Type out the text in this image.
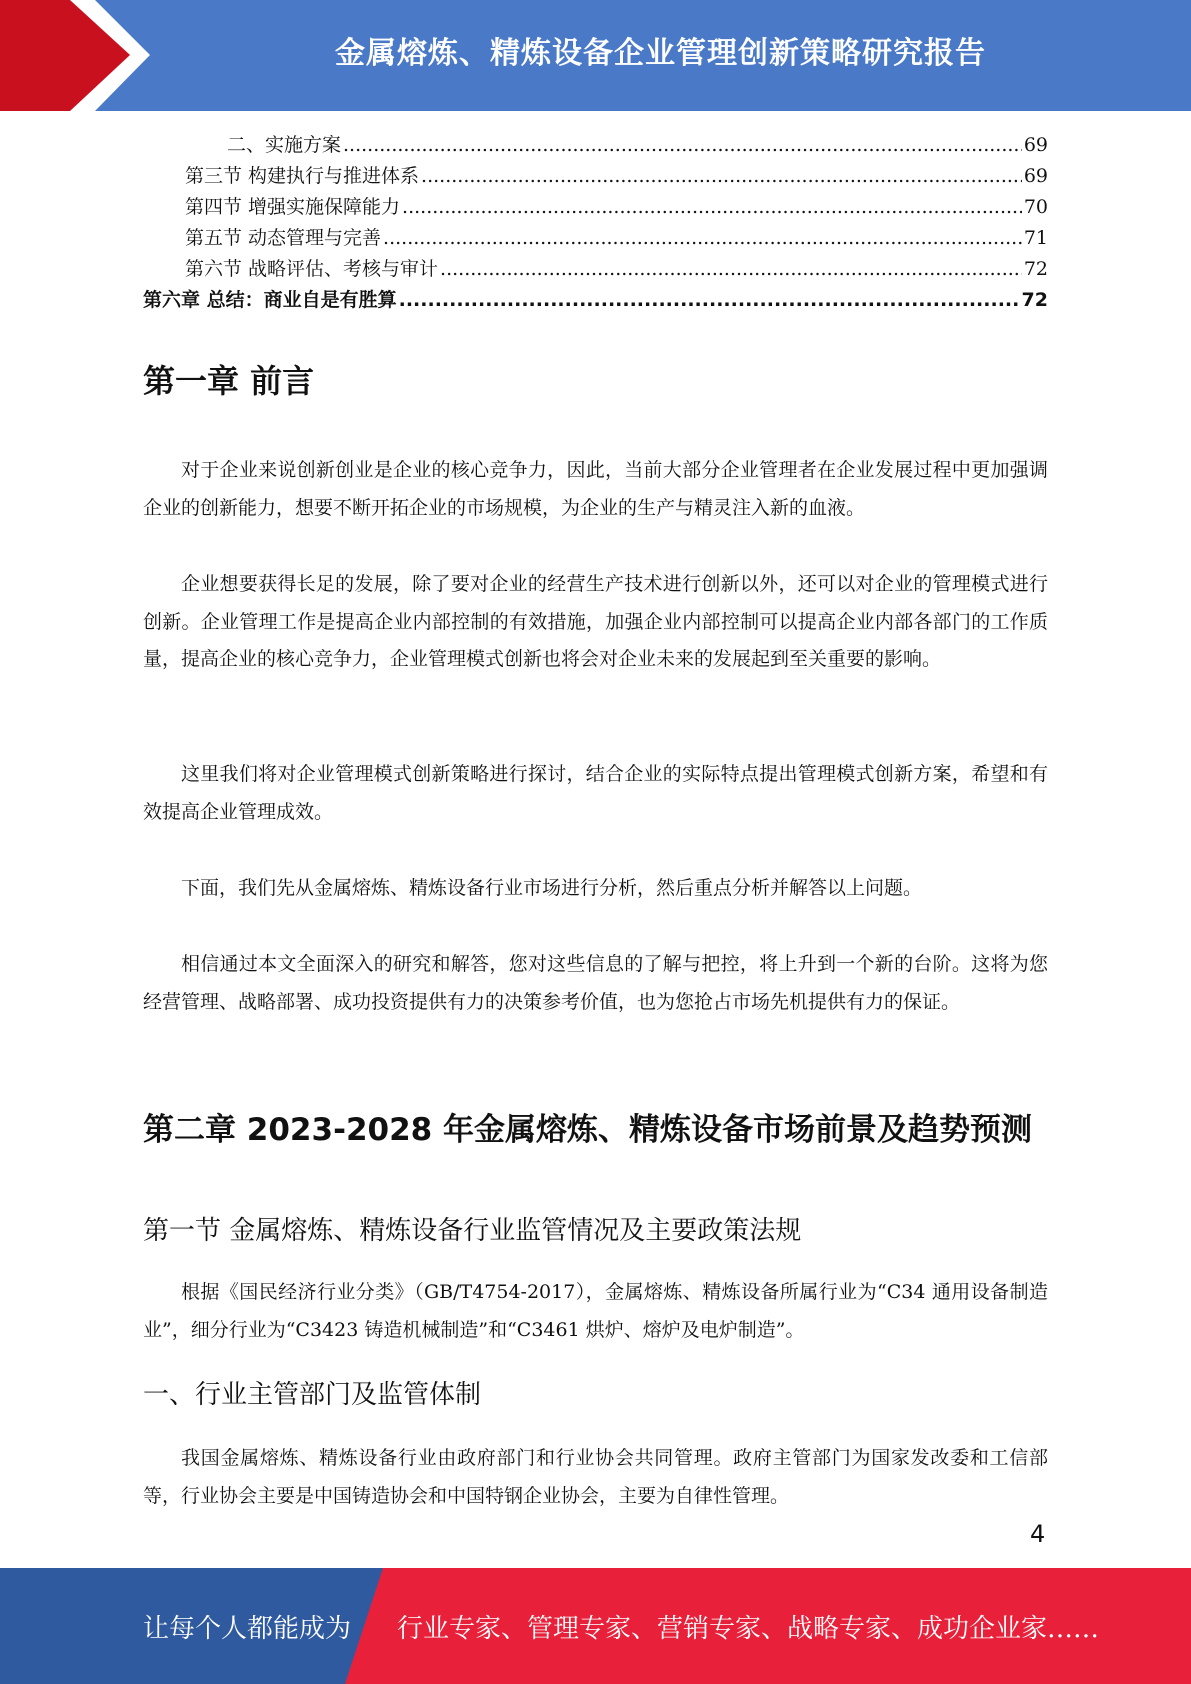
金属熔炼、精炼设备企业管理创新策略研究报告
二、实施方案 .....	69
第三节 构建执行与推进体系 .....	69
第四节 增强实施保障能力 .....	70
第五节 动态管理与完善 .....	71
第六节 战略评估、考核与审计 .....	72
第六章 总结：商业自是有胜算 .....	72
第一章 前言

对于企业来说创新创业是企业的核心竞争力，因此，当前大部分企业管理者在企业发展过程中更加强调企业的创新能力，想要不断开拓企业的市场规模，为企业的生产与精灵注入新的血液。

企业想要获得长足的发展，除了要对企业的经营生产技术进行创新以外，还可以对企业的管理模式进行创新。企业管理工作是提高企业内部控制的有效措施，加强企业内部控制可以提高企业内部各部门的工作质量，提高企业的核心竞争力，企业管理模式创新也将会对企业未来的发展起到至关重要的影响。

这里我们将对企业管理模式创新策略进行探讨，结合企业的实际特点提出管理模式创新方案，希望和有效提高企业管理成效。

下面，我们先从金属熔炼、精炼设备行业市场进行分析，然后重点分析并解答以上问题。

相信通过本文全面深入的研究和解答，您对这些信息的了解与把控，将上升到一个新的台阶。这将为您经营管理、战略部署、成功投资提供有力的决策参考价值，也为您抢占市场先机提供有力的保证。

第二章 2023-2028 年金属熔炼、精炼设备市场前景及趋势预测
第一节 金属熔炼、精炼设备行业监管情况及主要政策法规

根据《国民经济行业分类》（GB/T4754-2017），金属熔炼、精炼设备所属行业为“C34 通用设备制造业”，细分行业为“C3423 铸造机械制造”和“C3461 烘炉、熔炉及电炉制造”。

一、行业主管部门及监管体制

我国金属熔炼、精炼设备行业由政府部门和行业协会共同管理。政府主管部门为国家发改委和工信部等，行业协会主要是中国铸造协会和中国特钢企业协会，主要为自律性管理。

4
让每个人都能成为 行业专家、管理专家、营销专家、战略专家、成功企业家……
